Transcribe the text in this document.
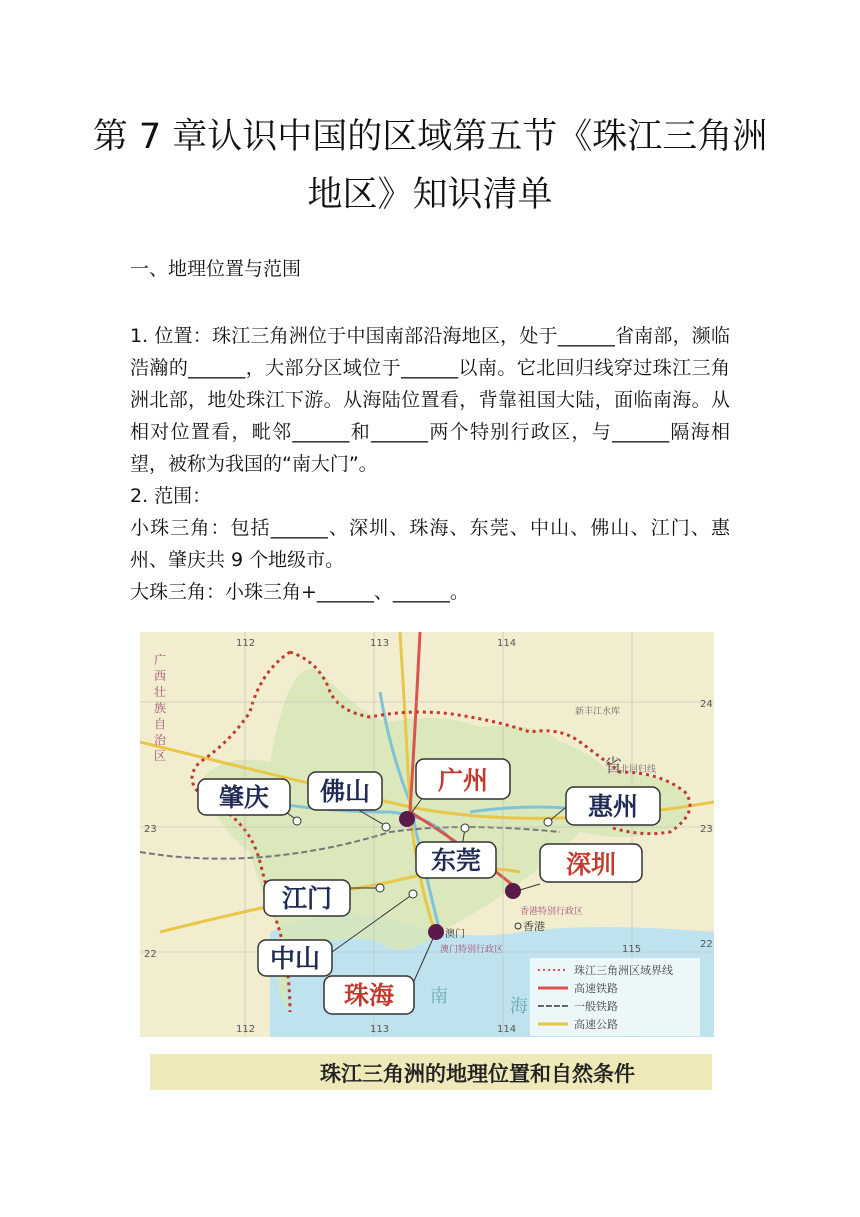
第 7 章认识中国的区域第五节《珠江三角洲
地区》知识清单
一、地理位置与范围

1. 位置：珠江三角洲位于中国南部沿海地区，处于______省南部，濒临浩瀚的______，大部分区域位于______以南。它北回归线穿过珠江三角洲北部，地处珠江下游。从海陆位置看，背靠祖国大陆，面临南海。从相对位置看，毗邻______和______两个特别行政区，与______隔海相望，被称为我国的“南大门”。

2. 范围：

小珠三角：包括______、深圳、珠海、东莞、中山、佛山、江门、惠州、肇庆共 9 个地级市。

大珠三角：小珠三角+______、______。

112	113	114
112	113	114
115
24
23
22
23
22
广
西
壮
族
自
治
区	省
南	海
新丰江水库
北回归线
香港特别行政区
澳门特别行政区
澳门
香港
肇庆 佛山	广州
惠州
东莞	深圳
江门
中山
珠海
珠江三角洲区域界线
高速铁路
一般铁路
高速公路
珠江三角洲的地理位置和自然条件
